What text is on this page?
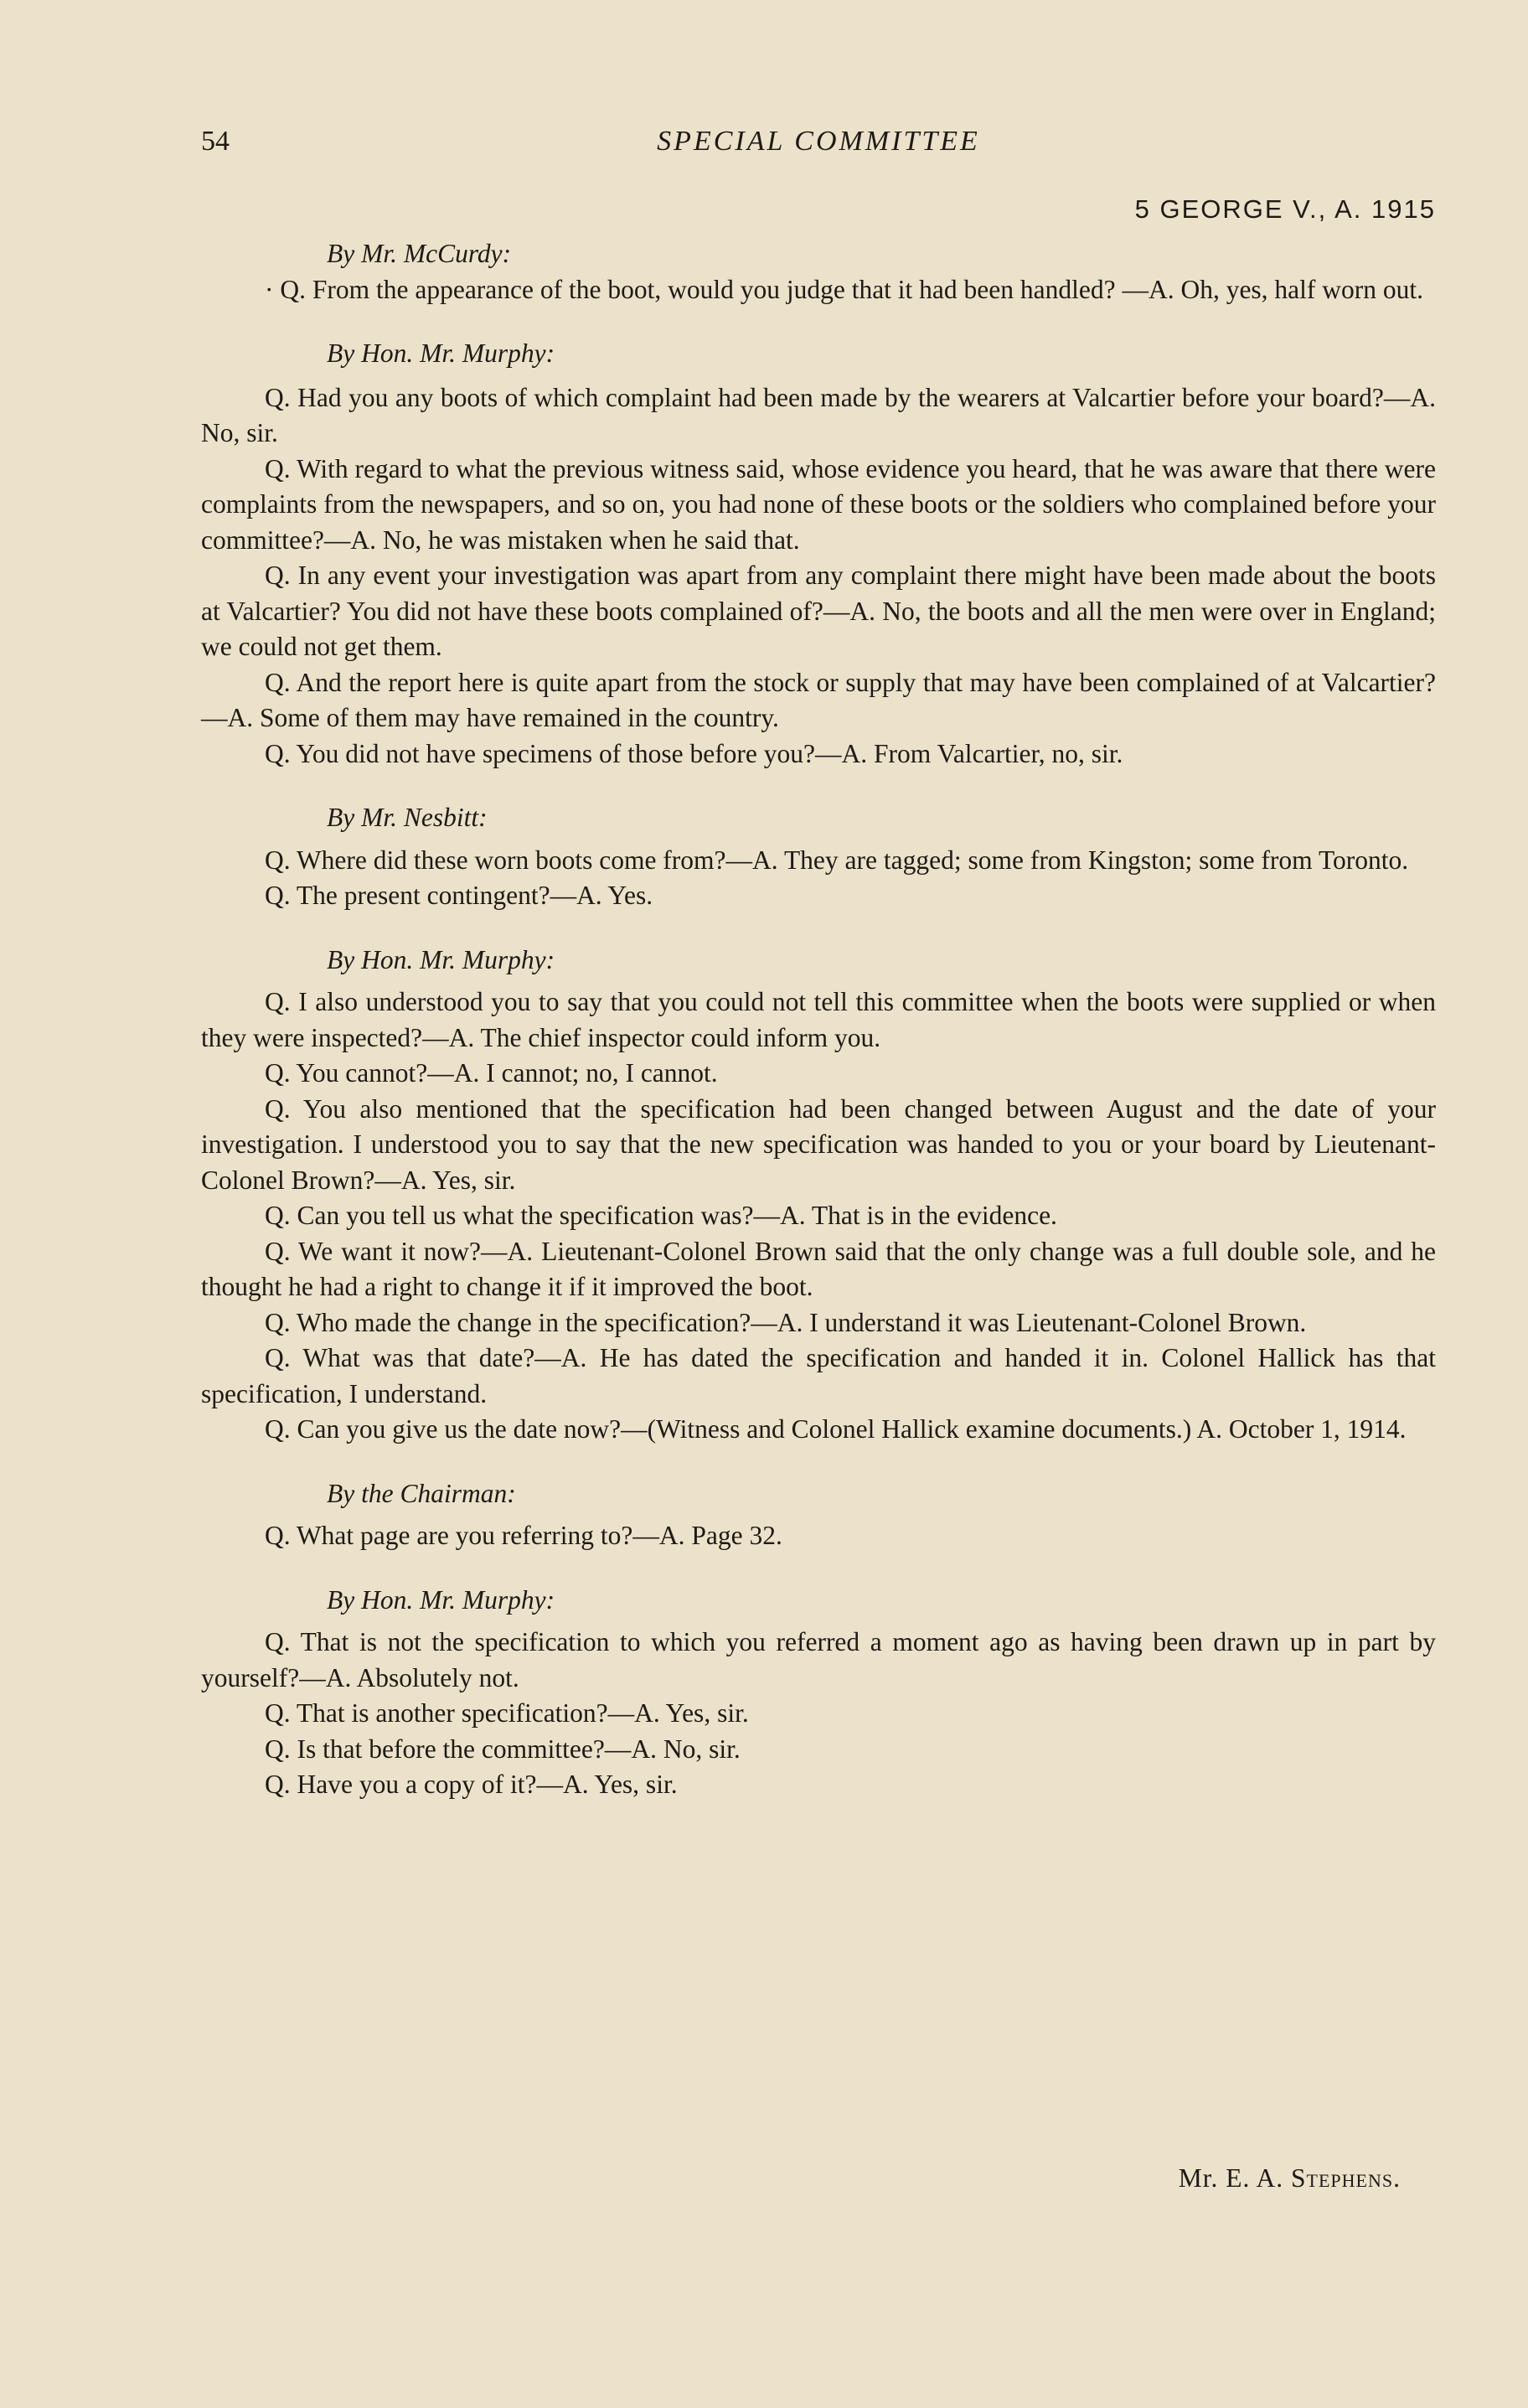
54	SPECIAL COMMITTEE
5 GEORGE V., A. 1915

By Mr. McCurdy:

· Q. From the appearance of the boot, would you judge that it had been handled? —A. Oh, yes, half worn out.

By Hon. Mr. Murphy:

Q. Had you any boots of which complaint had been made by the wearers at Valcartier before your board?—A. No, sir.

Q. With regard to what the previous witness said, whose evidence you heard, that he was aware that there were complaints from the newspapers, and so on, you had none of these boots or the soldiers who complained before your committee?—A. No, he was mistaken when he said that.

Q. In any event your investigation was apart from any complaint there might have been made about the boots at Valcartier? You did not have these boots complained of?—A. No, the boots and all the men were over in England; we could not get them.

Q. And the report here is quite apart from the stock or supply that may have been complained of at Valcartier?—A. Some of them may have remained in the country.

Q. You did not have specimens of those before you?—A. From Valcartier, no, sir.

By Mr. Nesbitt:

Q. Where did these worn boots come from?—A. They are tagged; some from Kingston; some from Toronto.

Q. The present contingent?—A. Yes.

By Hon. Mr. Murphy:

Q. I also understood you to say that you could not tell this committee when the boots were supplied or when they were inspected?—A. The chief inspector could inform you.

Q. You cannot?—A. I cannot; no, I cannot.

Q. You also mentioned that the specification had been changed between August and the date of your investigation. I understood you to say that the new specification was handed to you or your board by Lieutenant-Colonel Brown?—A. Yes, sir.

Q. Can you tell us what the specification was?—A. That is in the evidence.

Q. We want it now?—A. Lieutenant-Colonel Brown said that the only change was a full double sole, and he thought he had a right to change it if it improved the boot.

Q. Who made the change in the specification?—A. I understand it was Lieutenant-Colonel Brown.

Q. What was that date?—A. He has dated the specification and handed it in. Colonel Hallick has that specification, I understand.

Q. Can you give us the date now?—(Witness and Colonel Hallick examine documents.) A. October 1, 1914.

By the Chairman:

Q. What page are you referring to?—A. Page 32.

By Hon. Mr. Murphy:

Q. That is not the specification to which you referred a moment ago as having been drawn up in part by yourself?—A. Absolutely not.

Q. That is another specification?—A. Yes, sir.

Q. Is that before the committee?—A. No, sir.

Q. Have you a copy of it?—A. Yes, sir.

Mr. E. A. Stephens.
